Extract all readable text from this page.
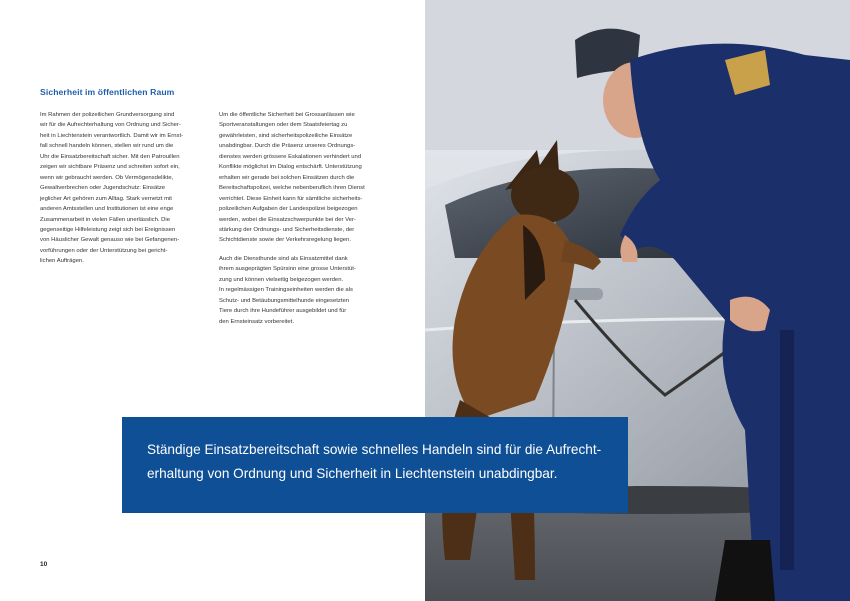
Sicherheit im öffentlichen Raum

Im Rahmen der polizeilichen Grundversorgung sind
wir für die Aufrechterhaltung von Ordnung und Sicher-
heit in Liechtenstein verantwortlich. Damit wir im Ernst-
fall schnell handeln können, stellen wir rund um die
Uhr die Einsatzbereitschaft sicher. Mit den Patrouillen
zeigen wir sichtbare Präsenz und schreiten sofort ein,
wenn wir gebraucht werden. Ob Vermögensdelikte,
Gewaltverbrechen oder Jugendschutz: Einsätze
jeglicher Art gehören zum Alltag. Stark vernetzt mit
anderen Amtsstellen und Institutionen ist eine enge
Zusammenarbeit in vielen Fällen unerlässlich. Die
gegenseitige Hilfeleistung zeigt sich bei Ereignissen
von Häuslicher Gewalt genauso wie bei Gefangenen-
vorführungen oder der Unterstützung bei gericht-
lichen Aufträgen.

Um die öffentliche Sicherheit bei Grossanlässen wie
Sportveranstaltungen oder dem Staatsfeiertag zu
gewährleisten, sind sicherheitspolizeiliche Einsätze
unabdingbar. Durch die Präsenz unseres Ordnungs-
dienstes werden grössere Eskalationen verhindert und
Konflikte möglichst im Dialog entschärft. Unterstützung
erhalten wir gerade bei solchen Einsätzen durch die
Bereitschaftspolizei, welche nebenberuflich ihren Dienst
verrichtet. Diese Einheit kann für sämtliche sicherheits-
polizeilichen Aufgaben der Landespolizei beigezogen
werden, wobei die Einsatzschwerpunkte bei der Ver-
stärkung der Ordnungs- und Sicherheitsdienste, der
Schichtdienste sowie der Verkehrsregelung liegen.

Auch die Diensthunde sind als Einsatzmittel dank
ihrem ausgeprägten Spürsinn eine grosse Unterstüt-
zung und können vielseitig beigezogen werden.
In regelmässigen Trainingseinheiten werden die als
Schutz- und Betäubungsmittelhunde eingesetzten
Tiere durch ihre Hundeführer ausgebildet und für
den Ernsteinsatz vorbereitet.

10
Ständige Einsatzbereitschaft sowie schnelles Handeln sind für die Aufrecht-
erhaltung von Ordnung und Sicherheit in Liechtenstein unabdingbar.
